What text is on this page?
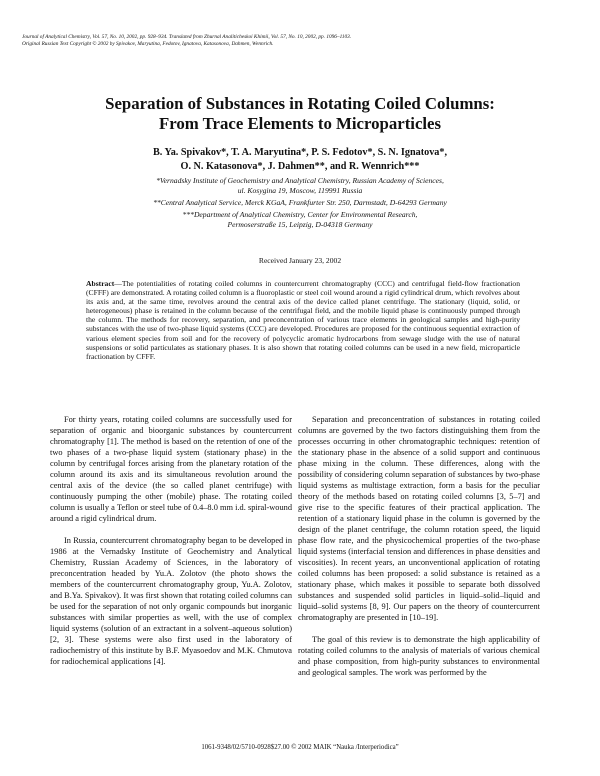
Journal of Analytical Chemistry, Vol. 57, No. 10, 2002, pp. 928–934. Translated from Zhurnal Analiticheskoi Khimii, Vol. 57, No. 10, 2002, pp. 1096–1103.
Original Russian Text Copyright © 2002 by Spivakov, Maryutina, Fedotov, Ignatova, Katasonova, Dahmen, Wennrich.
Separation of Substances in Rotating Coiled Columns:
From Trace Elements to Microparticles
B. Ya. Spivakov*, T. A. Maryutina*, P. S. Fedotov*, S. N. Ignatova*,
O. N. Katasonova*, J. Dahmen**, and R. Wennrich***
*Vernadsky Institute of Geochemistry and Analytical Chemistry, Russian Academy of Sciences,
ul. Kosygina 19, Moscow, 119991 Russia
**Central Analytical Service, Merck KGaA, Frankfurter Str. 250, Darmstadt, D-64293 Germany
***Department of Analytical Chemistry, Center for Environmental Research,
Permoserstraße 15, Leipzig, D-04318 Germany
Received January 23, 2002
Abstract—The potentialities of rotating coiled columns in countercurrent chromatography (CCC) and centrifugal field-flow fractionation (CFFF) are demonstrated. A rotating coiled column is a fluoroplastic or steel coil wound around a rigid cylindrical drum, which revolves about its axis and, at the same time, revolves around the central axis of the device called planet centrifuge. The stationary (liquid, solid, or heterogeneous) phase is retained in the column because of the centrifugal field, and the mobile liquid phase is continuously pumped through the column. The methods for recovery, separation, and preconcentration of various trace elements in geological samples and high-purity substances with the use of two-phase liquid systems (CCC) are developed. Procedures are proposed for the continuous sequential extraction of various element species from soil and for the recovery of polycyclic aromatic hydrocarbons from sewage sludge with the use of natural suspensions or solid particulates as stationary phases. It is also shown that rotating coiled columns can be used in a new field, microparticle fractionation by CFFF.

For thirty years, rotating coiled columns are successfully used for separation of organic and bioorganic substances by countercurrent chromatography [1]. The method is based on the retention of one of the two phases of a two-phase liquid system (stationary phase) in the column by centrifugal forces arising from the planetary rotation of the column around its axis and its simultaneous revolution around the central axis of the device (the so called planet centrifuge) with continuously pumping the other (mobile) phase. The rotating coiled column is usually a Teflon or steel tube of 0.4–8.0 mm i.d. spiral-wound around a rigid cylindrical drum.

In Russia, countercurrent chromatography began to be developed in 1986 at the Vernadsky Institute of Geochemistry and Analytical Chemistry, Russian Academy of Sciences, in the laboratory of preconcentration headed by Yu.A. Zolotov (the photo shows the members of the countercurrent chromatography group, Yu.A. Zolotov, and B.Ya. Spivakov). It was first shown that rotating coiled columns can be used for the separation of not only organic compounds but inorganic substances with similar properties as well, with the use of complex liquid systems (solution of an extractant in a solvent–aqueous solution) [2, 3]. These systems were also first used in the laboratory of radiochemistry of this institute by B.F. Myasoedov and M.K. Chmutova for radiochemical applications [4].

Separation and preconcentration of substances in rotating coiled columns are governed by the two factors distinguishing them from the processes occurring in other chromatographic techniques: retention of the stationary phase in the absence of a solid support and continuous phase mixing in the column. These differences, along with the possibility of considering column separation of substances by two-phase liquid systems as multistage extraction, form a basis for the peculiar theory of the methods based on rotating coiled columns [3, 5–7] and give rise to the specific features of their practical application. The retention of a stationary liquid phase in the column is governed by the design of the planet centrifuge, the column rotation speed, the liquid phase flow rate, and the physicochemical properties of the two-phase liquid systems (interfacial tension and differences in phase densities and viscosities). In recent years, an unconventional application of rotating coiled columns has been proposed: a solid substance is retained as a stationary phase, which makes it possible to separate both dissolved substances and suspended solid particles in liquid–solid–liquid and liquid–solid systems [8, 9]. Our papers on the theory of countercurrent chromatography are presented in [10–19].

The goal of this review is to demonstrate the high applicability of rotating coiled columns to the analysis of materials of various chemical and phase composition, from high-purity substances to environmental and geological samples. The work was performed by the

1061-9348/02/5710-0928$27.00 © 2002 MAIK “Nauka /Interperiodica”
